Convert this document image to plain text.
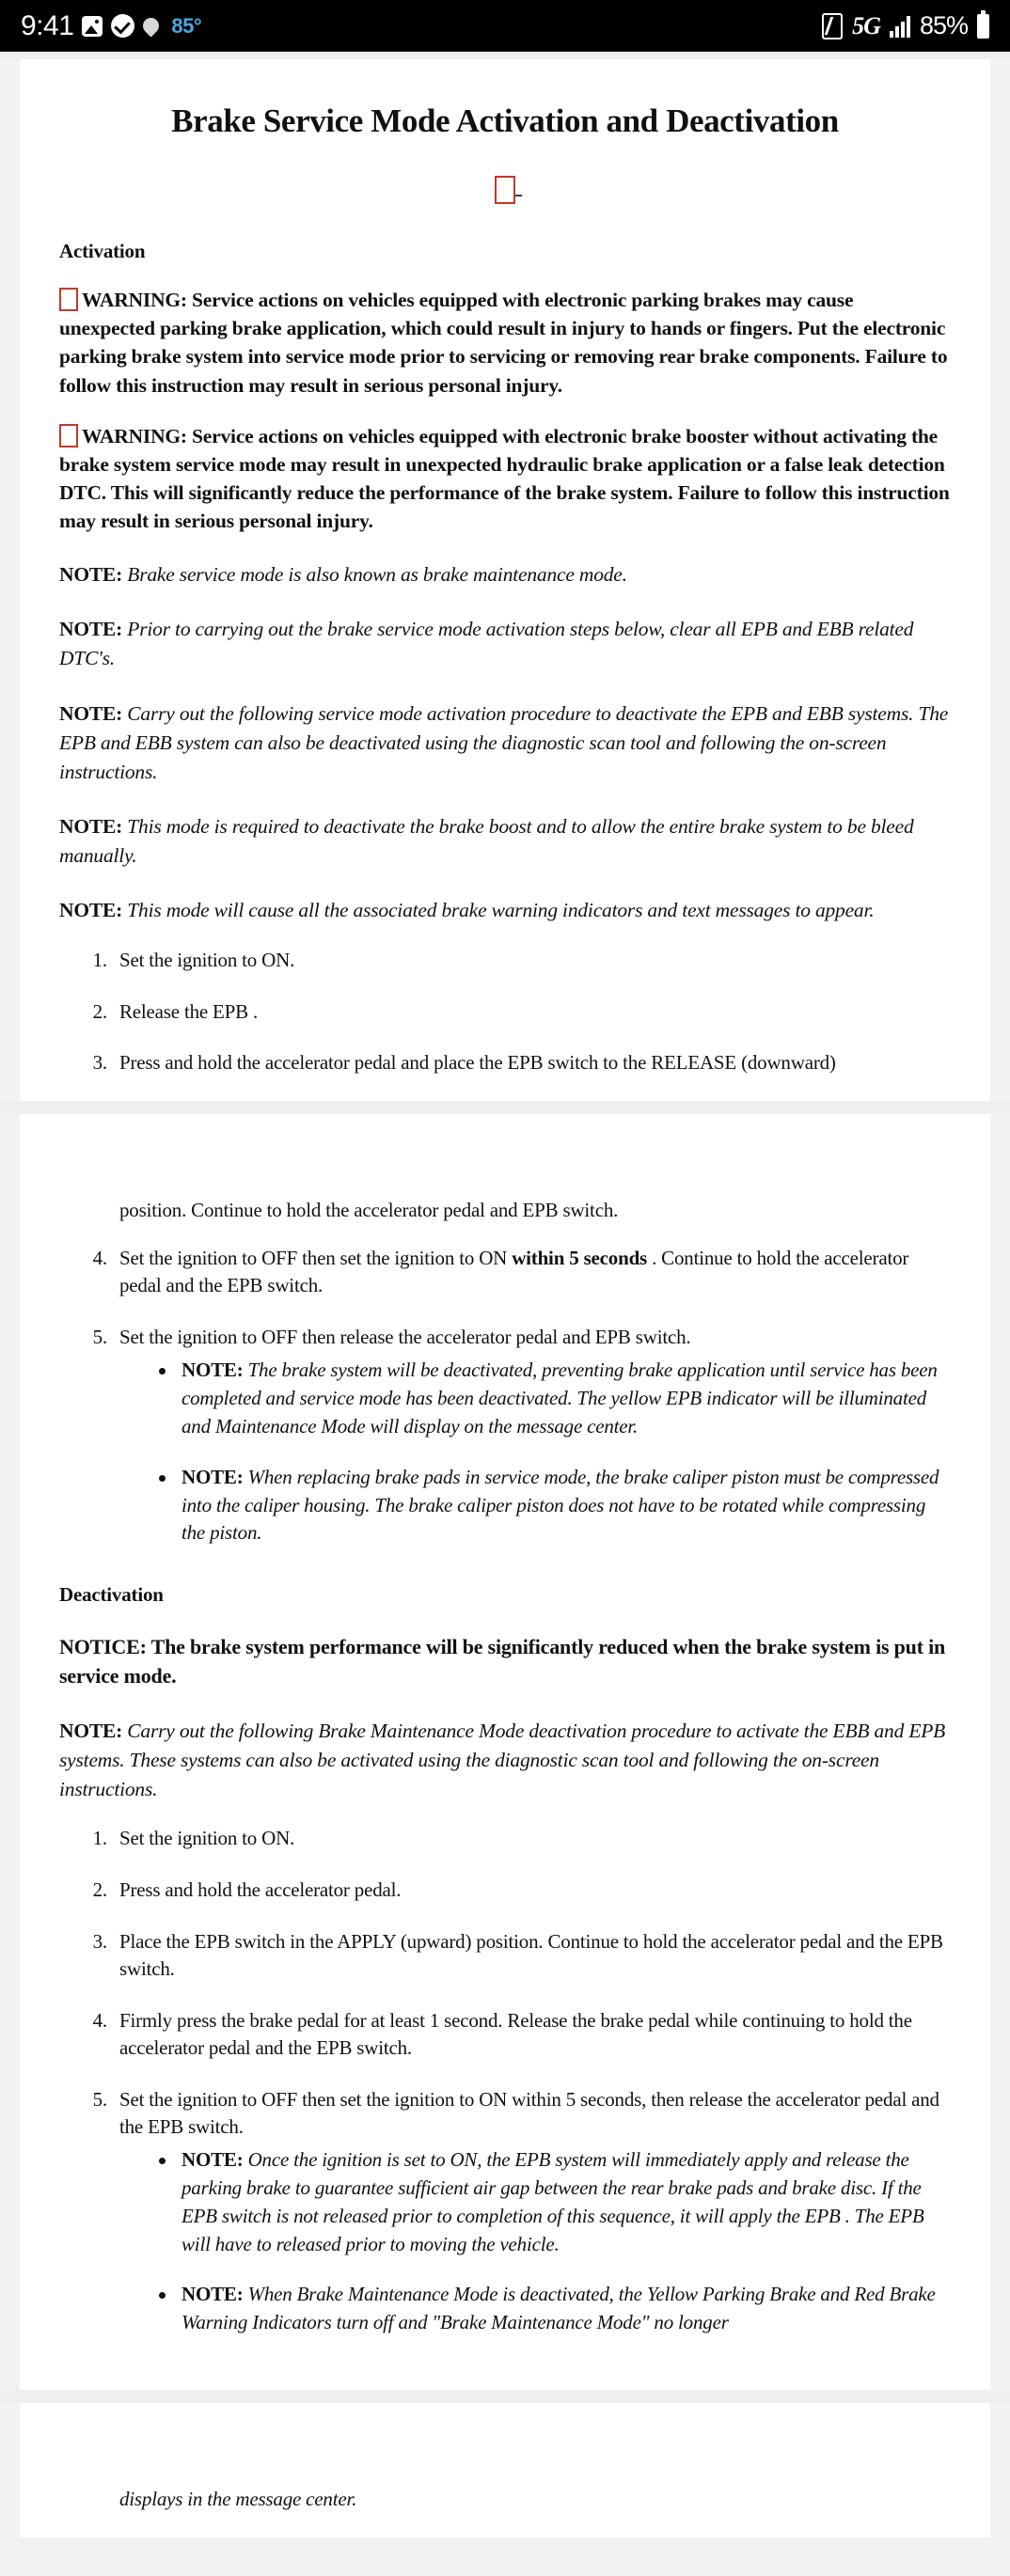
9:41	85°	5G 85%
Brake Service Mode Activation and Deactivation
Activation

WARNING: Service actions on vehicles equipped with electronic parking brakes may cause unexpected parking brake application, which could result in injury to hands or fingers. Put the electronic parking brake system into service mode prior to servicing or removing rear brake components. Failure to follow this instruction may result in serious personal injury.

WARNING: Service actions on vehicles equipped with electronic brake booster without activating the brake system service mode may result in unexpected hydraulic brake application or a false leak detection DTC. This will significantly reduce the performance of the brake system. Failure to follow this instruction may result in serious personal injury.

NOTE: Brake service mode is also known as brake maintenance mode.

NOTE: Prior to carrying out the brake service mode activation steps below, clear all EPB and EBB related DTC's.

NOTE: Carry out the following service mode activation procedure to deactivate the EPB and EBB systems. The EPB and EBB system can also be deactivated using the diagnostic scan tool and following the on-screen instructions.

NOTE: This mode is required to deactivate the brake boost and to allow the entire brake system to be bleed manually.

NOTE: This mode will cause all the associated brake warning indicators and text messages to appear.

1. Set the ignition to ON.
2. Release the EPB .
3. Press and hold the accelerator pedal and place the EPB switch to the RELEASE (downward)

position. Continue to hold the accelerator pedal and EPB switch.

4. Set the ignition to OFF then set the ignition to ON within 5 seconds . Continue to hold the accelerator pedal and the EPB switch.
5. Set the ignition to OFF then release the accelerator pedal and EPB switch.
NOTE: The brake system will be deactivated, preventing brake application until service has been completed and service mode has been deactivated. The yellow EPB indicator will be illuminated and Maintenance Mode will display on the message center.
NOTE: When replacing brake pads in service mode, the brake caliper piston must be compressed into the caliper housing. The brake caliper piston does not have to be rotated while compressing the piston.
Deactivation

NOTICE: The brake system performance will be significantly reduced when the brake system is put in service mode.

NOTE: Carry out the following Brake Maintenance Mode deactivation procedure to activate the EBB and EPB systems. These systems can also be activated using the diagnostic scan tool and following the on-screen instructions.

1. Set the ignition to ON.
2. Press and hold the accelerator pedal.
3. Place the EPB switch in the APPLY (upward) position. Continue to hold the accelerator pedal and the EPB switch.
4. Firmly press the brake pedal for at least 1 second. Release the brake pedal while continuing to hold the accelerator pedal and the EPB switch.
5. Set the ignition to OFF then set the ignition to ON within 5 seconds, then release the accelerator pedal and the EPB switch.
NOTE: Once the ignition is set to ON, the EPB system will immediately apply and release the parking brake to guarantee sufficient air gap between the rear brake pads and brake disc. If the EPB switch is not released prior to completion of this sequence, it will apply the EPB . The EPB will have to released prior to moving the vehicle.
NOTE: When Brake Maintenance Mode is deactivated, the Yellow Parking Brake and Red Brake Warning Indicators turn off and "Brake Maintenance Mode" no longer

displays in the message center.
